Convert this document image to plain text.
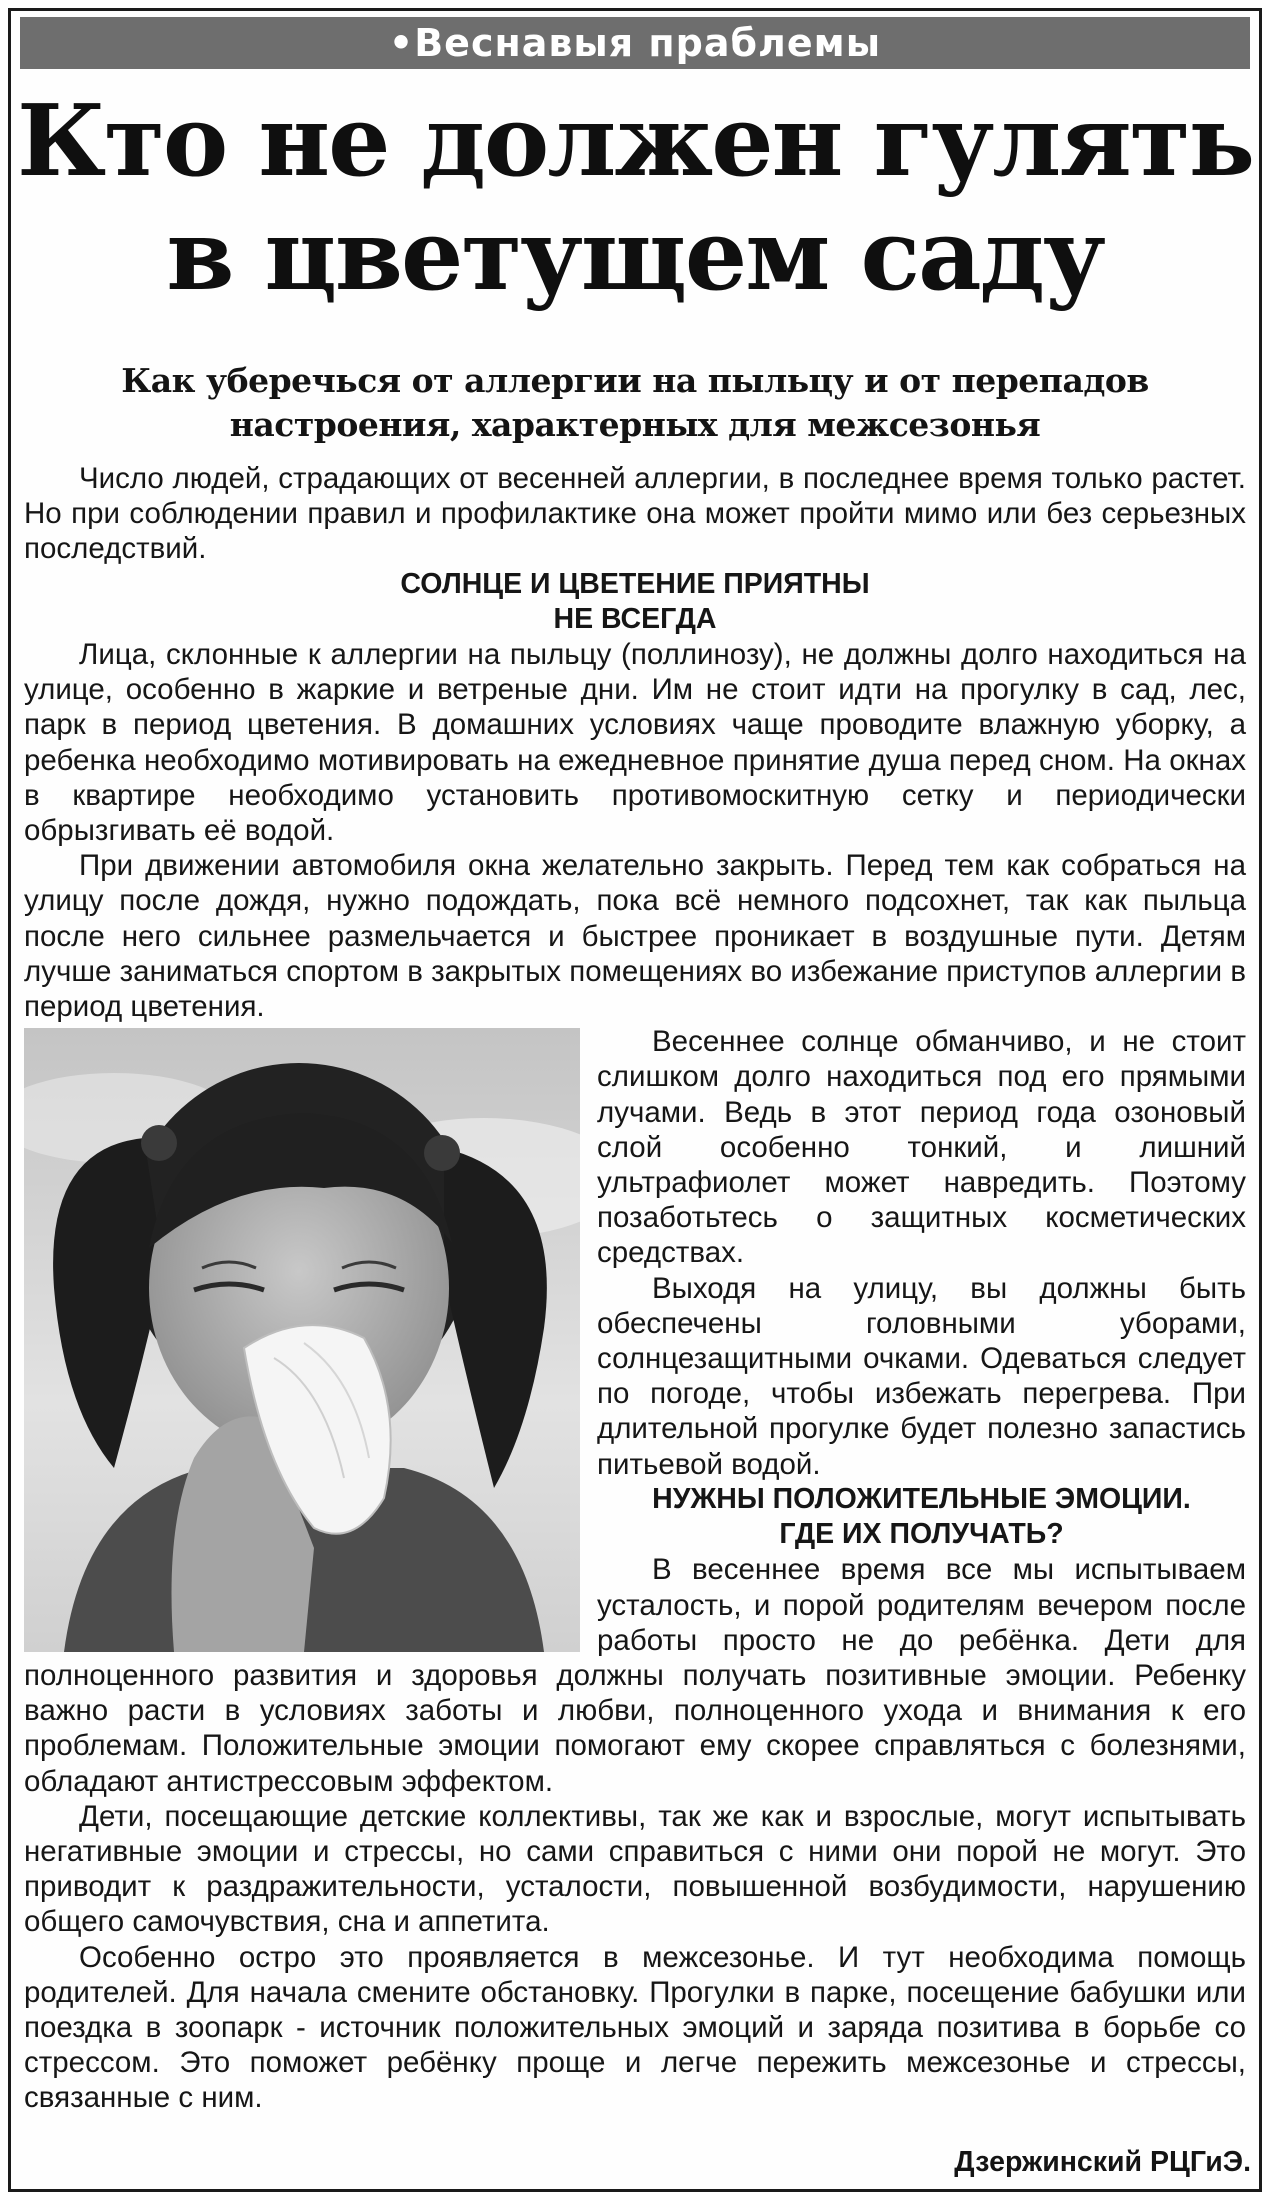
•Веснавыя праблемы
Кто не должен гулять
в цветущем саду
Как уберечься от аллергии на пыльцу и от перепадов
настроения, характерных для межсезонья

Число людей, страдающих от весенней аллергии, в последнее время только растет. Но при соблюдении правил и профилактике она может пройти мимо или без серьезных последствий.

СОЛНЦЕ И ЦВЕТЕНИЕ ПРИЯТНЫ
НЕ ВСЕГДА

Лица, склонные к аллергии на пыльцу (поллинозу), не должны долго находиться на улице, особенно в жаркие и ветреные дни. Им не стоит идти на прогулку в сад, лес, парк в период цветения. В домашних условиях чаще проводите влажную уборку, а ребенка необходимо мотивировать на ежедневное принятие душа перед сном. На окнах в квартире необходимо установить противомоскитную сетку и периодически обрызгивать её водой.

При движении автомобиля окна желательно закрыть. Перед тем как собраться на улицу после дождя, нужно подождать, пока всё немного подсохнет, так как пыльца после него сильнее размельчается и быстрее проникает в воздушные пути. Детям лучше заниматься спортом в закрытых помещениях во избежание приступов аллергии в период цветения.

Весеннее солнце обманчиво, и не стоит слишком долго находиться под его прямыми лучами. Ведь в этот период года озоновый слой особенно тонкий, и лишний ультрафиолет может навредить. Поэтому позаботьтесь о защитных косметических средствах.

Выходя на улицу, вы должны быть обеспечены головными уборами, солнцезащитными очками. Одеваться следует по погоде, чтобы избежать перегрева. При длительной прогулке будет полезно запастись питьевой водой.

НУЖНЫ ПОЛОЖИТЕЛЬНЫЕ ЭМОЦИИ.
ГДЕ ИХ ПОЛУЧАТЬ?

В весеннее время все мы испытываем усталость, и порой родителям вечером после работы просто не до ребёнка. Дети для полноценного развития и здоровья должны получать позитивные эмоции. Ребенку важно расти в условиях заботы и любви, полноценного ухода и внимания к его проблемам. Положительные эмоции помогают ему скорее справляться с болезнями, обладают антистрессовым эффектом.

Дети, посещающие детские коллективы, так же как и взрослые, могут испытывать негативные эмоции и стрессы, но сами справиться с ними они порой не могут. Это приводит к раздражительности, усталости, повышенной возбудимости, нарушению общего самочувствия, сна и аппетита.

Особенно остро это проявляется в межсезонье. И тут необходима помощь родителей. Для начала смените обстановку. Прогулки в парке, посещение бабушки или поездка в зоопарк - источник положительных эмоций и заряда позитива в борьбе со стрессом. Это поможет ребёнку проще и легче пережить межсезонье и стрессы, связанные с ним.

Дзержинский РЦГиЭ.
